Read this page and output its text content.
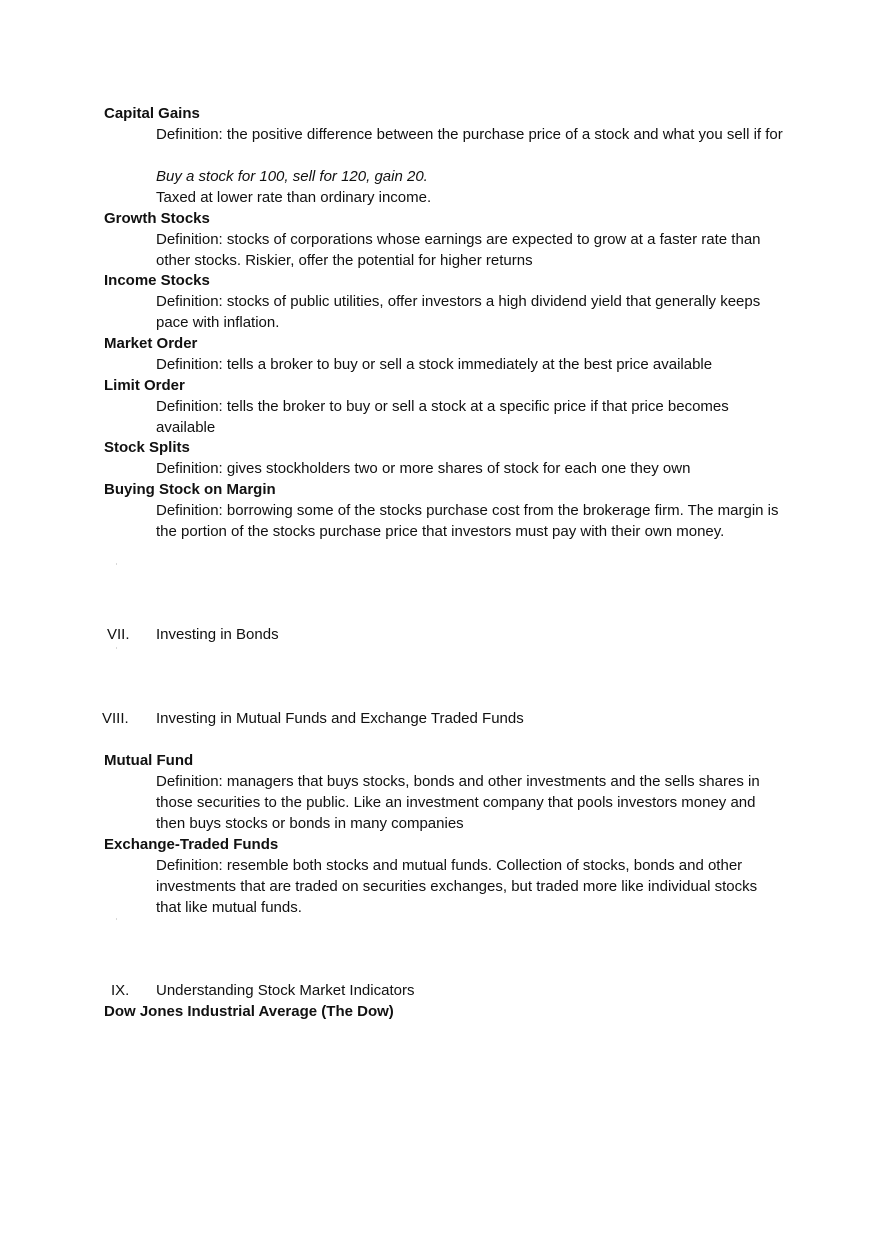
Capital Gains
Definition: the positive difference between the purchase price of a stock and what you sell if for
Buy a stock for 100, sell for 120, gain 20.
Taxed at lower rate than ordinary income.
Growth Stocks
Definition: stocks of corporations whose earnings are expected to grow at a faster rate than other stocks. Riskier, offer the potential for higher returns
Income Stocks
Definition: stocks of public utilities, offer investors a high dividend yield that generally keeps pace with inflation.
Market Order
Definition: tells a broker to buy or sell a stock immediately at the best price available
Limit Order
Definition: tells the broker to buy or sell a stock at a specific price if that price becomes available
Stock Splits
Definition: gives stockholders two or more shares of stock for each one they own
Buying Stock on Margin
Definition: borrowing some of the stocks purchase cost from the brokerage firm. The margin is the portion of the stocks purchase price that investors must pay with their own money.
VII. Investing in Bonds
VIII. Investing in Mutual Funds and Exchange Traded Funds
Mutual Fund
Definition: managers that buys stocks, bonds and other investments and the sells shares in those securities to the public. Like an investment company that pools investors money and then buys stocks or bonds in many companies
Exchange-Traded Funds
Definition: resemble both stocks and mutual funds. Collection of stocks, bonds and other investments that are traded on securities exchanges, but traded more like individual stocks that like mutual funds.
IX. Understanding Stock Market Indicators
Dow Jones Industrial Average (The Dow)
